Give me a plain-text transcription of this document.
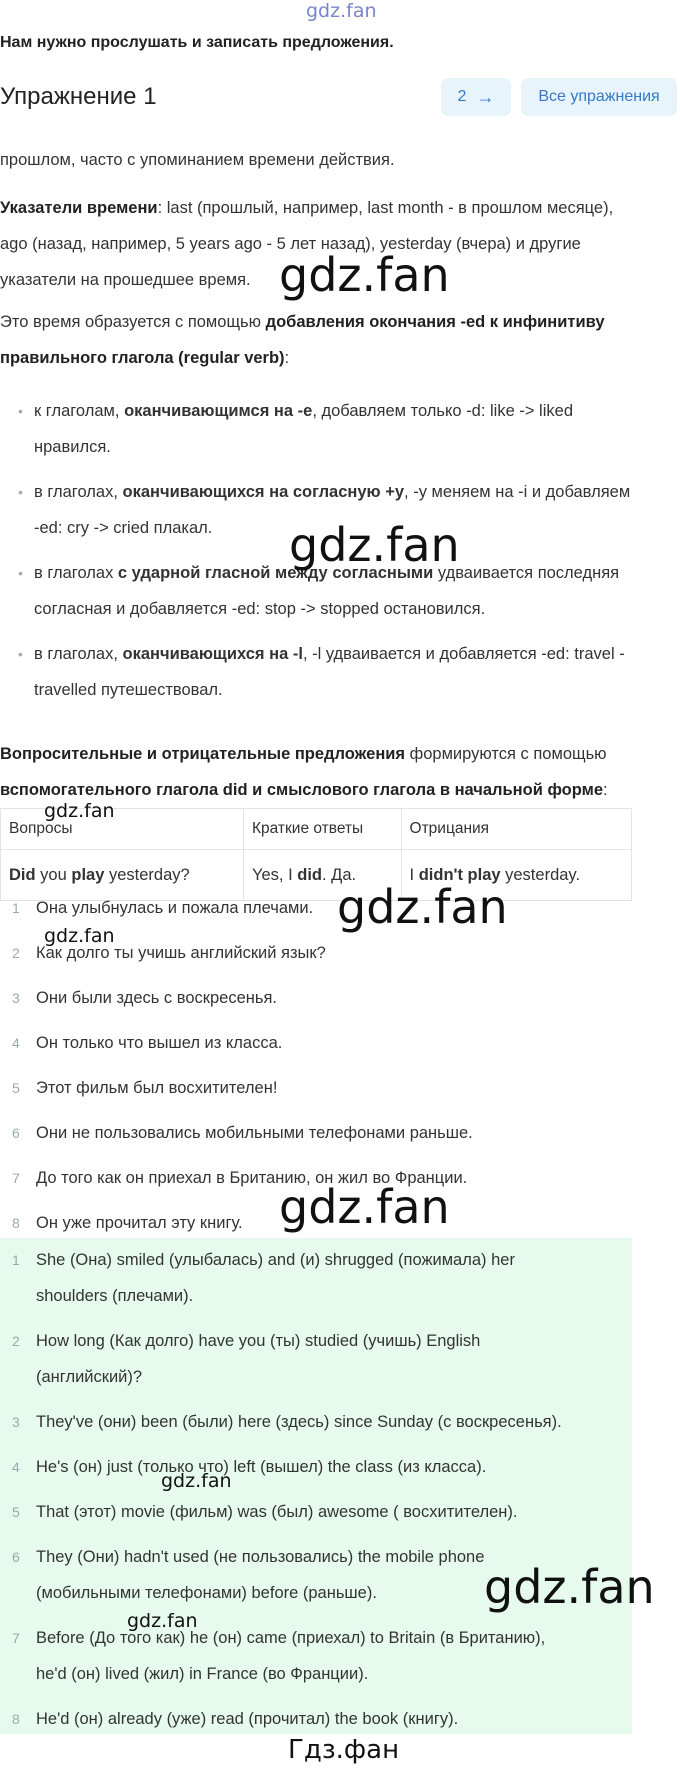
gdz.fan
Нам нужно прослушать и записать предложения.
Упражнение 1	2 →	Все упражнения
прошлом, часто с упоминанием времени действия.
Указатели времени: last (прошлый, например, last month - в прошлом месяце),
ago (назад, например, 5 years ago - 5 лет назад), yesterday (вчера) и другие
указатели на прошедшее время.
Это время образуется с помощью добавления окончания -ed к инфинитиву
правильного глагола (regular verb):
• к глаголам, оканчивающимся на -e, добавляем только -d: like -> liked
нравился.
• в глаголах, оканчивающихся на согласную +y, -y меняем на -i и добавляем
-ed: cry -> cried плакал.
• в глаголах с ударной гласной между согласными удваивается последняя
согласная и добавляется -ed: stop -> stopped остановился.
• в глаголах, оканчивающихся на -l, -l удваивается и добавляется -ed: travel -
travelled путешествовал.
Вопросительные и отрицательные предложения формируются с помощью
вспомогательного глагола did и смыслового глагола в начальной форме:
Вопросы	Краткие ответы	Отрицания
Did you play yesterday?	Yes, I did. Да.	I didn't play yesterday.
1 Она улыбнулась и пожала плечами.
2 Как долго ты учишь английский язык?
3 Они были здесь с воскресенья.
4 Он только что вышел из класса.
5 Этот фильм был восхитителен!
6 Они не пользовались мобильными телефонами раньше.
7 До того как он приехал в Британию, он жил во Франции.
8 Он уже прочитал эту книгу.
1 She (Она) smiled (улыбалась) and (и) shrugged (пожимала) her
shoulders (плечами).
2 How long (Как долго) have you (ты) studied (учишь) English
(английский)?
3 They've (они) been (были) here (здесь) since Sunday (с воскресенья).
4 He's (он) just (только что) left (вышел) the class (из класса).
5 That (этот) movie (фильм) was (был) awesome ( восхитителен).
6 They (Они) hadn't used (не пользовались) the mobile phone
(мобильными телефонами) before (раньше).
7 Before (До того как) he (он) came (приехал) to Britain (в Британию),
he'd (он) lived (жил) in France (во Франции).
8 He'd (он) already (уже) read (прочитал) the book (книгу).
gdz.fan
gdz.fan
gdz.fan
gdz.fan
gdz.fan
gdz.fan
gdz.fan
gdz.fan
gdz.fan
Гдз.фан
